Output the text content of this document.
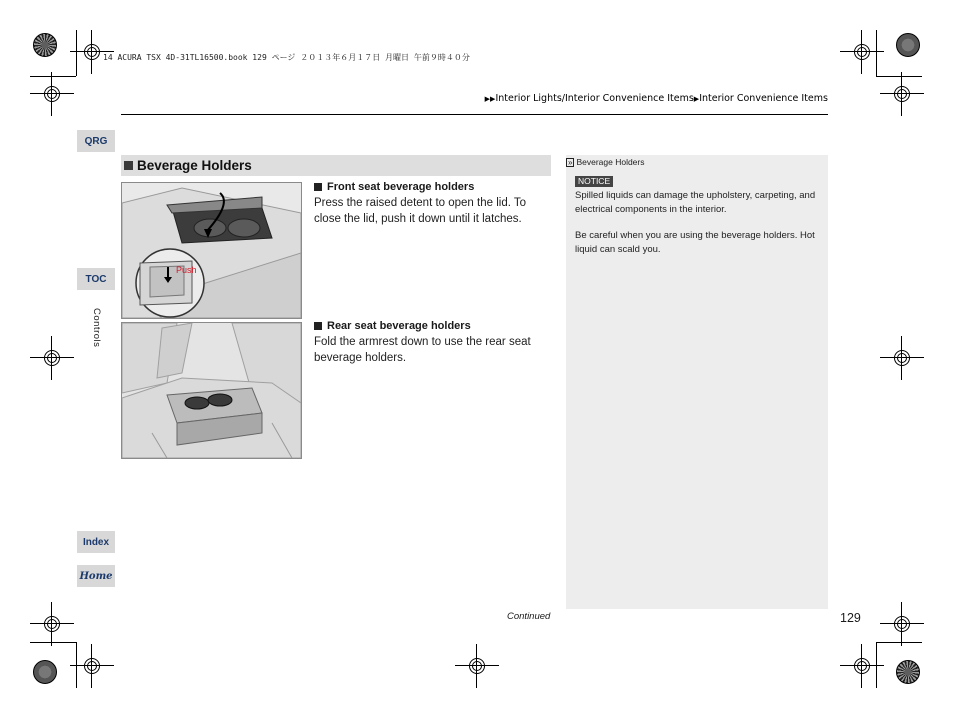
14 ACURA TSX 4D-31TL16500.book 129 ページ ２０１３年６月１７日 月曜日 午前９時４０分
▶▶Interior Lights/Interior Convenience Items▶Interior Convenience Items
QRG
TOC
Controls
Index
Home
Beverage Holders
Push
Front seat beverage holders
Press the raised detent to open the lid. To close the lid, push it down until it latches.
Rear seat beverage holders
Fold the armrest down to use the rear seat beverage holders.
» Beverage Holders
NOTICE
Spilled liquids can damage the upholstery, carpeting, and electrical components in the interior.
Be careful when you are using the beverage holders. Hot liquid can scald you.
Continued	129
